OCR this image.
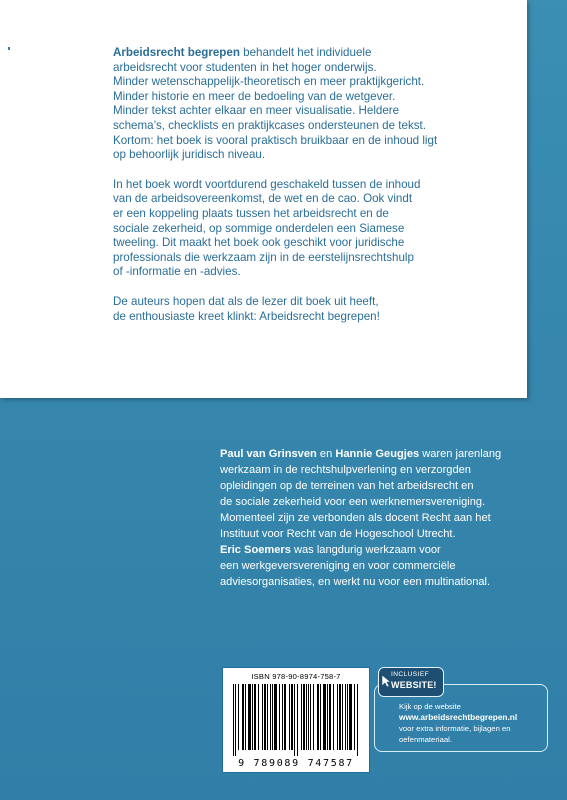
Arbeidsrecht begrepen behandelt het individuele
arbeidsrecht voor studenten in het hoger onderwijs.
Minder wetenschappelijk-theoretisch en meer praktijkgericht.
Minder historie en meer de bedoeling van de wetgever.
Minder tekst achter elkaar en meer visualisatie. Heldere
schema’s, checklists en praktijkcases ondersteunen de tekst.
Kortom: het boek is vooral praktisch bruikbaar en de inhoud ligt
op behoorlijk juridisch niveau.

In het boek wordt voortdurend geschakeld tussen de inhoud
van de arbeidsovereenkomst, de wet en de cao. Ook vindt
er een koppeling plaats tussen het arbeidsrecht en de
sociale zekerheid, op sommige onderdelen een Siamese
tweeling. Dit maakt het boek ook geschikt voor juridische
professionals die werkzaam zijn in de eerstelijnsrechtshulp
of -informatie en -advies.

De auteurs hopen dat als de lezer dit boek uit heeft,
de enthousiaste kreet klinkt: Arbeidsrecht begrepen!

Paul van Grinsven en Hannie Geugjes waren jarenlang
werkzaam in de rechtshulpverlening en verzorgden
opleidingen op de terreinen van het arbeidsrecht en
de sociale zekerheid voor een werknemersvereniging.
Momenteel zijn ze verbonden als docent Recht aan het
Instituut voor Recht van de Hogeschool Utrecht.
Eric Soemers was langdurig werkzaam voor
een werkgeversvereniging en voor commerciële
adviesorganisaties, en werkt nu voor een multinational.
ISBN 978-90-8974-758-7
9 789089 747587
Kijk op de website
www.arbeidsrechtbegrepen.nl
voor extra informatie, bijlagen en
oefenmateriaal.
INCLUSIEF
WEBSITE!
